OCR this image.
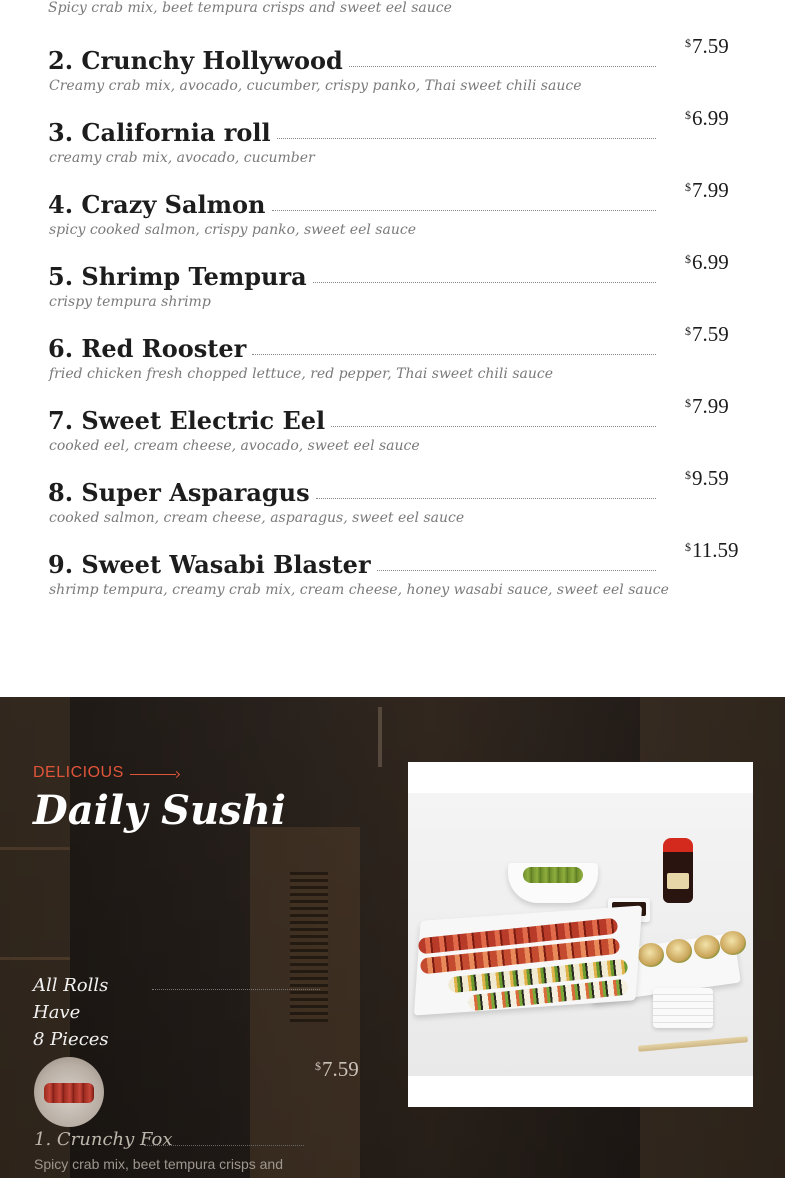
Spicy crab mix, beet tempura crisps and sweet eel sauce
2. Crunchy Hollywood
$7.59
Creamy crab mix, avocado, cucumber, crispy panko, Thai sweet chili sauce
3. California roll
$6.99
creamy crab mix, avocado, cucumber
4. Crazy Salmon
$7.99
spicy cooked salmon, crispy panko, sweet eel sauce
5. Shrimp Tempura
$6.99
crispy tempura shrimp
6. Red Rooster
$7.59
fried chicken fresh chopped lettuce, red pepper, Thai sweet chili sauce
7. Sweet Electric Eel
$7.99
cooked eel, cream cheese, avocado, sweet eel sauce
8. Super Asparagus
$9.59
cooked salmon, cream cheese, asparagus, sweet eel sauce
9. Sweet Wasabi Blaster
$11.59
shrimp tempura, creamy crab mix, cream cheese, honey wasabi sauce, sweet eel sauce
DELICIOUS
Daily Sushi
All Rolls Have
8 Pieces
$7.59
1. Crunchy Fox
Spicy crab mix, beet tempura crisps and
